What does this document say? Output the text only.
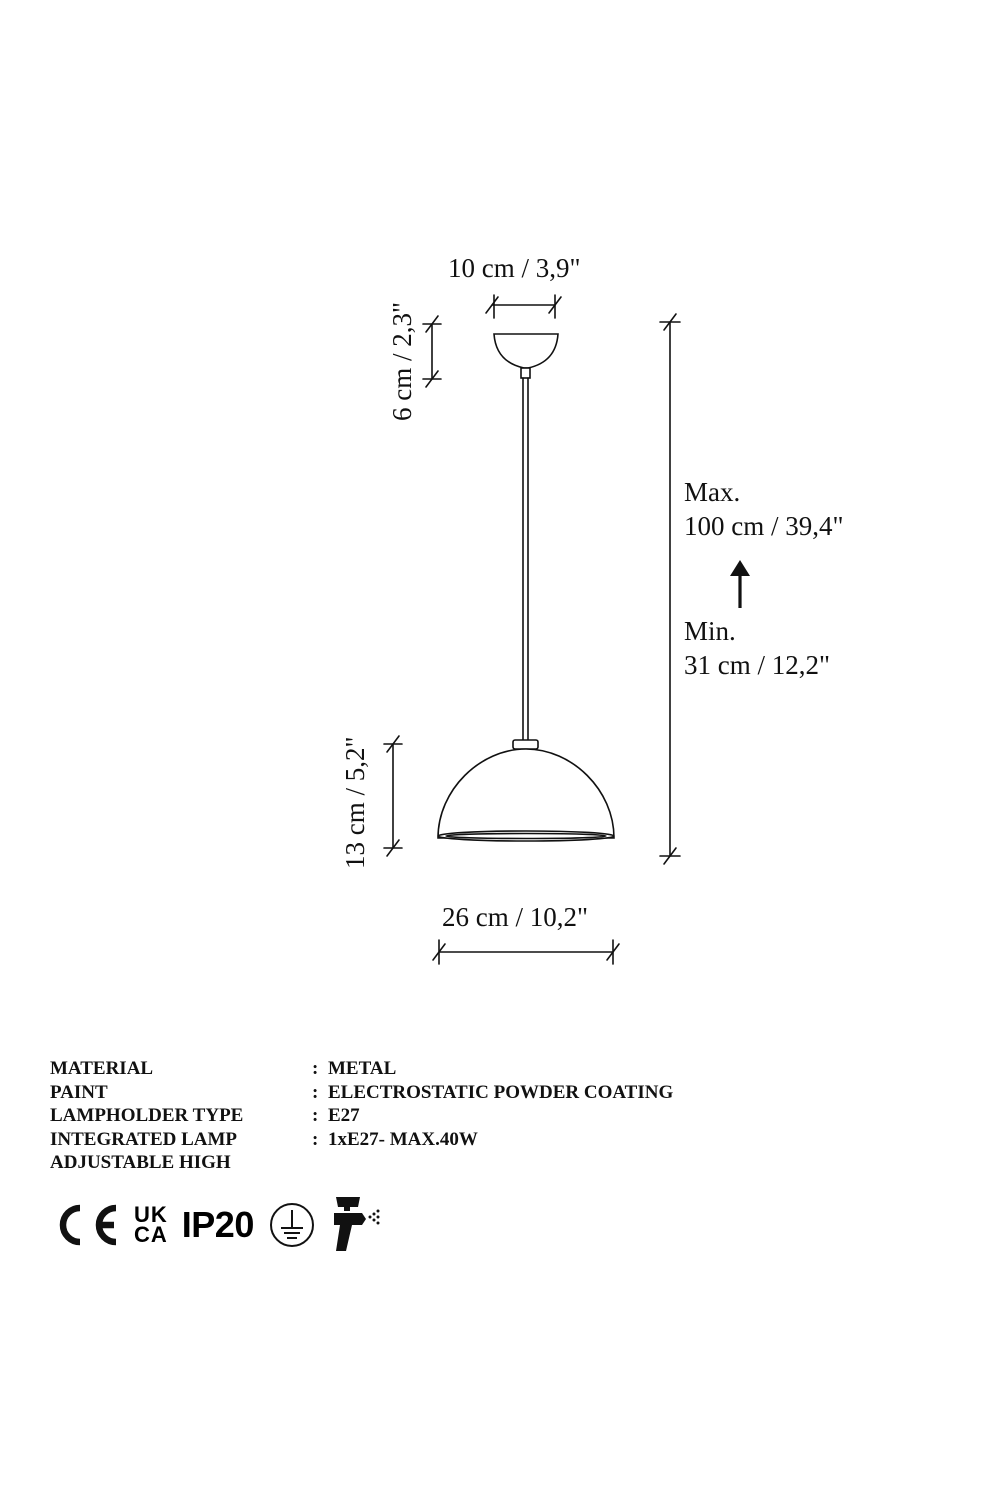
10 cm / 3,9"
6 cm / 2,3"
Max.
100 cm / 39,4"
Min.
31 cm / 12,2"
13 cm / 5,2"
26 cm / 10,2"
MATERIAL	: METAL
PAINT	: ELECTROSTATIC POWDER COATING
LAMPHOLDER TYPE	: E27
INTEGRATED LAMP	: 1xE27- MAX.40W
ADJUSTABLE HIGH
UK
CA IP20
